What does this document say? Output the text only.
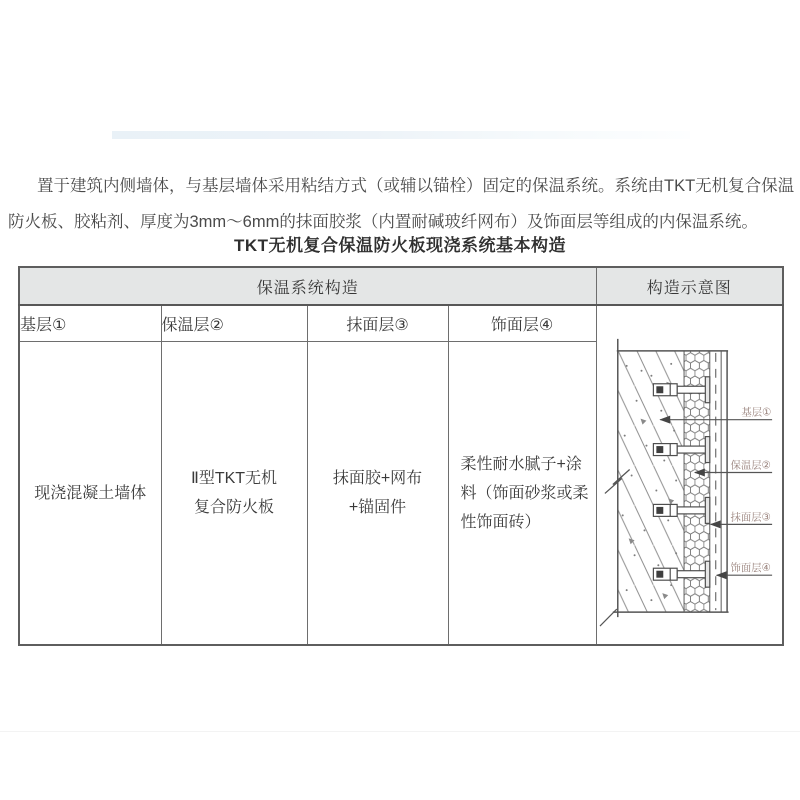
置于建筑内侧墙体，与基层墙体采用粘结方式（或辅以锚栓）固定的保温系统。系统由TKT无机复合保温防火板、胶粘剂、厚度为3mm～6mm的抹面胶浆（内置耐碱玻纤网布）及饰面层等组成的内保温系统。

TKT无机复合保温防火板现浇系统基本构造
保温系统构造				构造示意图
基层①	保温层②	抹面层③	饰面层④	基层①
保温层②
抹面层③
饰面层④

现浇混凝土墙体	Ⅱ型TKT无机复合防火板	抹面胶+网布+锚固件	柔性耐水腻子+涂料（饰面砂浆或柔性饰面砖）	
